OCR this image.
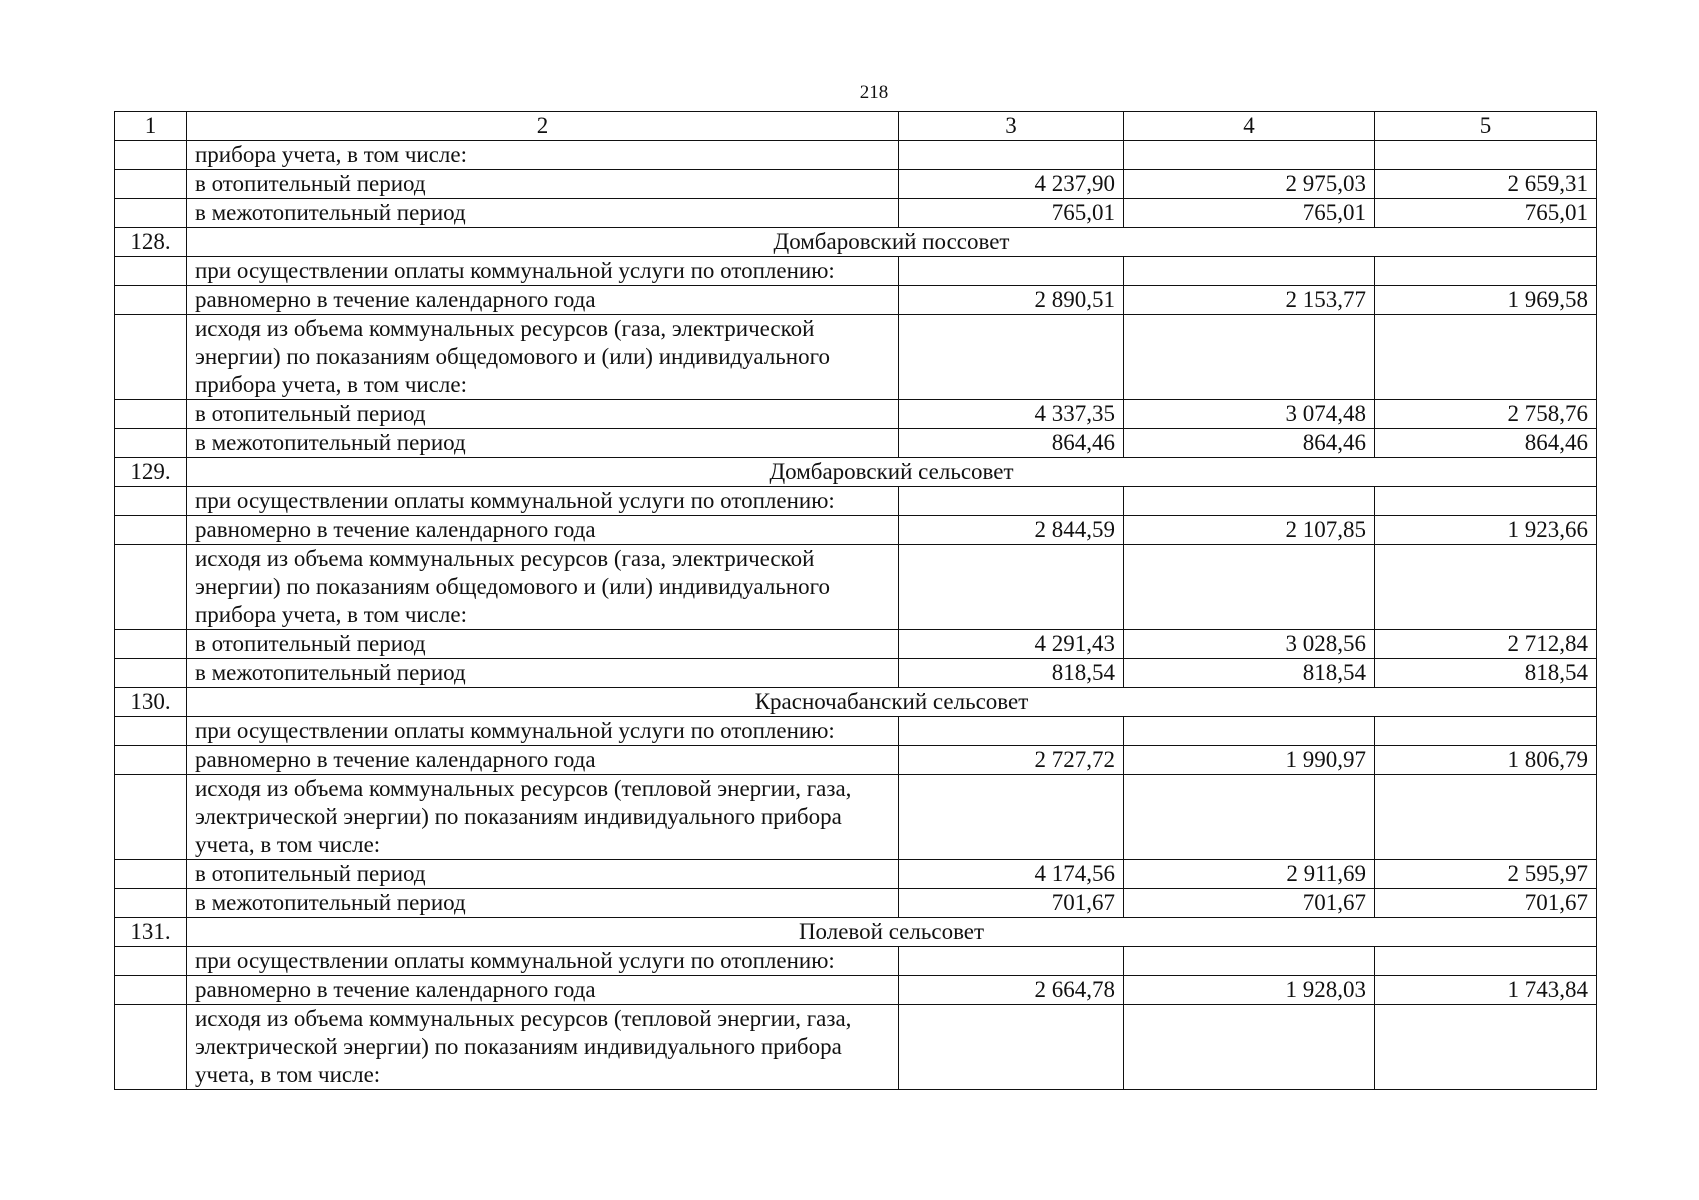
218
1	2	3	4	5
	прибора учета, в том числе:			
	в отопительный период	4 237,90	2 975,03	2 659,31
	в межотопительный период	765,01	765,01	765,01
128.	Домбаровский поссовет			
	при осуществлении оплаты коммунальной услуги по отоплению:			
	равномерно в течение календарного года	2 890,51	2 153,77	1 969,58
	исходя из объема коммунальных ресурсов (газа, электрической энергии) по показаниям общедомового и (или) индивидуального прибора учета, в том числе:			
	в отопительный период	4 337,35	3 074,48	2 758,76
	в межотопительный период	864,46	864,46	864,46
129.	Домбаровский сельсовет			
	при осуществлении оплаты коммунальной услуги по отоплению:			
	равномерно в течение календарного года	2 844,59	2 107,85	1 923,66
	исходя из объема коммунальных ресурсов (газа, электрической энергии) по показаниям общедомового и (или) индивидуального прибора учета, в том числе:			
	в отопительный период	4 291,43	3 028,56	2 712,84
	в межотопительный период	818,54	818,54	818,54
130.	Красночабанский сельсовет			
	при осуществлении оплаты коммунальной услуги по отоплению:			
	равномерно в течение календарного года	2 727,72	1 990,97	1 806,79
	исходя из объема коммунальных ресурсов (тепловой энергии, газа, электрической энергии) по показаниям индивидуального прибора учета, в том числе:			
	в отопительный период	4 174,56	2 911,69	2 595,97
	в межотопительный период	701,67	701,67	701,67
131.	Полевой сельсовет			
	при осуществлении оплаты коммунальной услуги по отоплению:			
	равномерно в течение календарного года	2 664,78	1 928,03	1 743,84
	исходя из объема коммунальных ресурсов (тепловой энергии, газа, электрической энергии) по показаниям индивидуального прибора учета, в том числе:			
